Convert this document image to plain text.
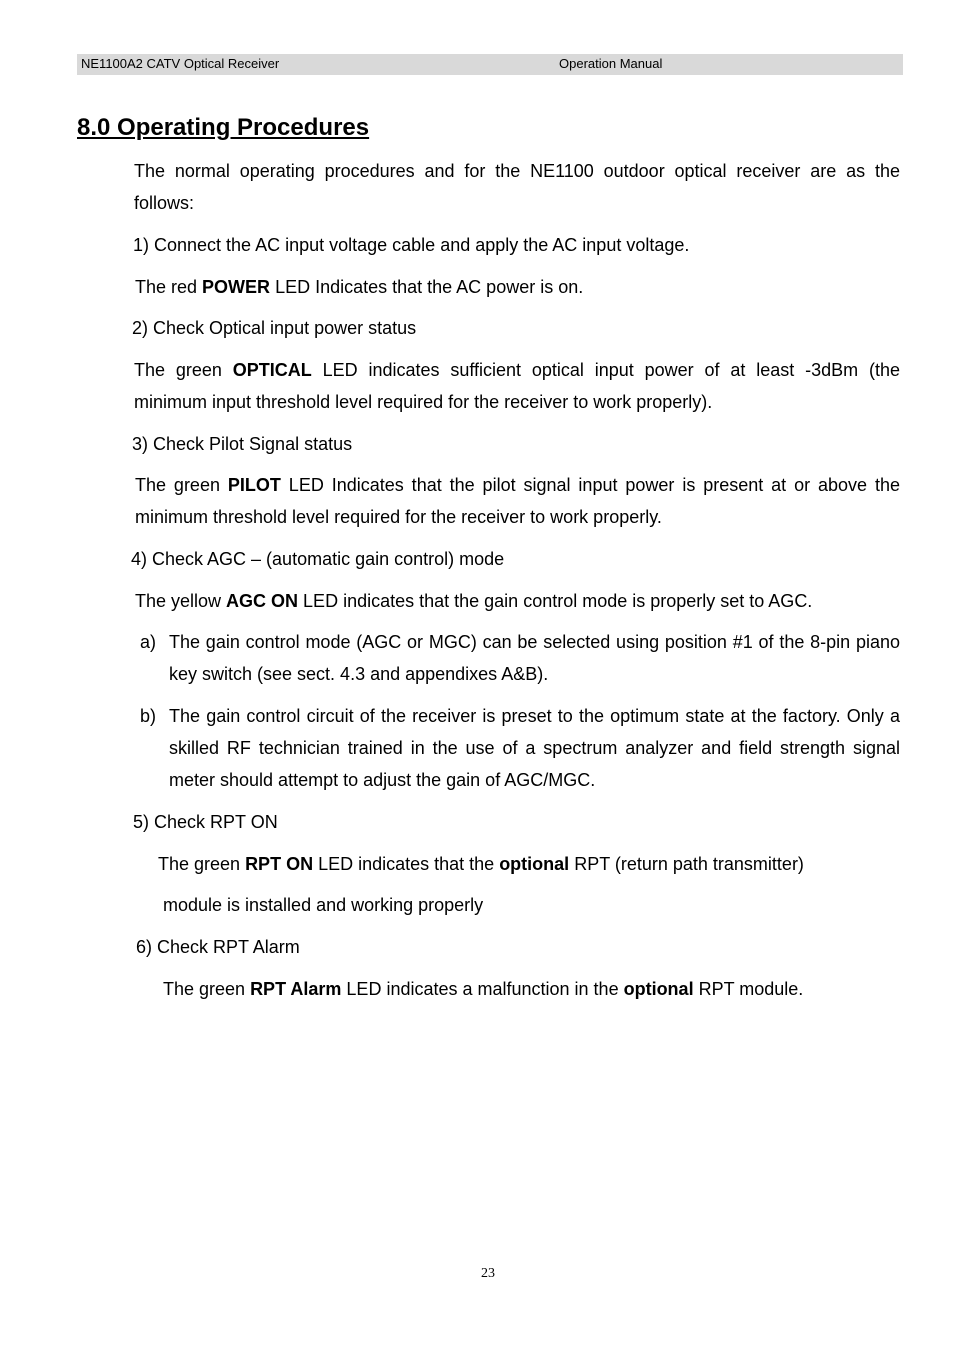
NE1100A2 CATV Optical Receiver	Operation Manual
8.0 Operating Procedures

The normal operating procedures and for the NE1100 outdoor optical receiver are as the follows:

1) Connect the AC input voltage cable and apply the AC input voltage.

The red POWER LED Indicates that the AC power is on.

2) Check Optical input power status

The green OPTICAL LED indicates sufficient optical input power of at least -3dBm (the minimum input threshold level required for the receiver to work properly).

3) Check Pilot Signal status

The green PILOT LED Indicates that the pilot signal input power is present at or above the minimum threshold level required for the receiver to work properly.

4) Check AGC – (automatic gain control) mode

The yellow AGC ON LED indicates that the gain control mode is properly set to AGC.

a) The gain control mode (AGC or MGC) can be selected using position #1 of the 8-pin piano key switch (see sect. 4.3 and appendixes A&B).

b) The gain control circuit of the receiver is preset to the optimum state at the factory. Only a skilled RF technician trained in the use of a spectrum analyzer and field strength signal meter should attempt to adjust the gain of AGC/MGC.

5) Check RPT ON

The green RPT ON LED indicates that the optional RPT (return path transmitter)

module is installed and working properly

6) Check RPT Alarm

The green RPT Alarm LED indicates a malfunction in the optional RPT module.

23
